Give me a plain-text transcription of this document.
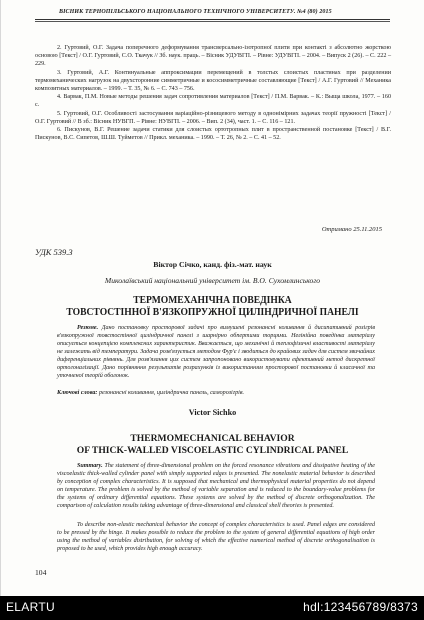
ВІСНИК ТЕРНОПІЛЬСЬКОГО НАЦІОНАЛЬНОГО ТЕХНІЧНОГО УНІВЕРСИТЕТУ. №4 (80) 2015

2. Гуртовий, О.Г. Задача поперечного деформування трансверсально-ізотропної плити при контакті з абсолютно жорсткою основою [Текст] / О.Г. Гуртовий, С.О. Ткачук // Зб. наук. праць. – Вісник УДУВГП. – Рівне: УДУВГП. – 2004. – Випуск 2 (26). – С. 222 – 229.

3. Гуртовий, А.Г. Континуальные аппроксимации перемещений в толстых слоистых пластинах при разделении термомеханических нагрузок на двухсторонние симметричные и кососимметричные составляющие [Текст] / А.Г. Гуртовий // Механика композитных материалов. – 1999. – Т. 35, № 6. – С. 743 – 756.

4. Варвак, П.М. Новые методы решения задач сопротивления материалов [Текст] / П.М. Варвак. – К.: Выща школа, 1977. – 160 с.

5. Гуртовий, О.Г. Особливості застосування варіаційно-різницевого методу в однонімірних задачах теорії пружності [Текст] / О.Г. Гуртовий // В зб.: Вісник НУВГП. – Рівне: НУВГП. – 2006. – Вип. 2 (34), част. 1. – С. 116 – 121.

6. Пискунов, В.Г. Решение задачи статики для слоистых ортотропных плит в пространственной постановке [Текст] / В.Г. Пискунов, В.С. Сипетов, Ш.Ш. Туйметов // Прикл. механика. – 1990. – Т. 26, № 2. – С. 41 – 52.

Отримано 25.11.2015
УДК 539.3
Віктор Січко, канд. фіз.-мат. наук
Миколаївський національний університет ім. В.О. Сухомлинського
ТЕРМОМЕХАНІЧНА ПОВЕДІНКА
ТОВСТОСТІННОЇ В'ЯЗКОПРУЖНОЇ ЦИЛІНДРИЧНОЇ ПАНЕЛІ
Резюме. Дано постановку просторової задачі про вимушені резонансні коливання й дисипативний розігрів в'язкопружної товстостінної циліндричної панелі з шарнірно обпертими торцями. Нелінійна поведінка матеріалу описується концепцією комплексних характеристик. Вважається, що механічні й теплофізичні властивості матеріалу не залежать від температури. Задача розв'язується методом Фур'є і зводиться до крайових задач для систем звичайних диференціальних рівнянь. Для розв'язання цих систем запропоновано використовувати ефективний метод дискретної ортогоналізації. Дано порівняння результатів розрахунків із використанням просторової постановки й класичної та уточненої теорій оболонок.
Ключові слова: резонансні коливання, циліндрична панель, саморозігрів.
Victor Sichko
THERMOMECHANICAL BEHAVIOR
OF THICK-WALLED VISCOELASTIC CYLINDRICAL PANEL
Summary. The statement of three-dimensional problem on the forced resonance vibrations and dissipative heating of the viscoelastic thick-walled cylinder panel with simply supported edges is presented. The nonelastic material behavior is described by conception of complex characteristics. It is supposed that mechanical and thermophysical material properties do not depend on temperature. The problem is solved by the method of variable separation and is reduced to the boundary-value problems for the systems of ordinary differential equations. These systems are solved by the method of discrete orthogonalization. The comparison of calculation results taking advantage of three-dimensional and classical shell theories is presented.
To describe non-elastic mechanical behavior the concept of complex characteristics is used. Panel edges are considered to be pressed by the hinge. It makes possible to reduce the problem to the system of general differential equations of high order using the method of variables distribution, for solving of which the effective numerical method of discrete orthogonalisation is proposed to be used, which provides high enough accuracy.
104
ELARTU	hdl:123456789/8373
